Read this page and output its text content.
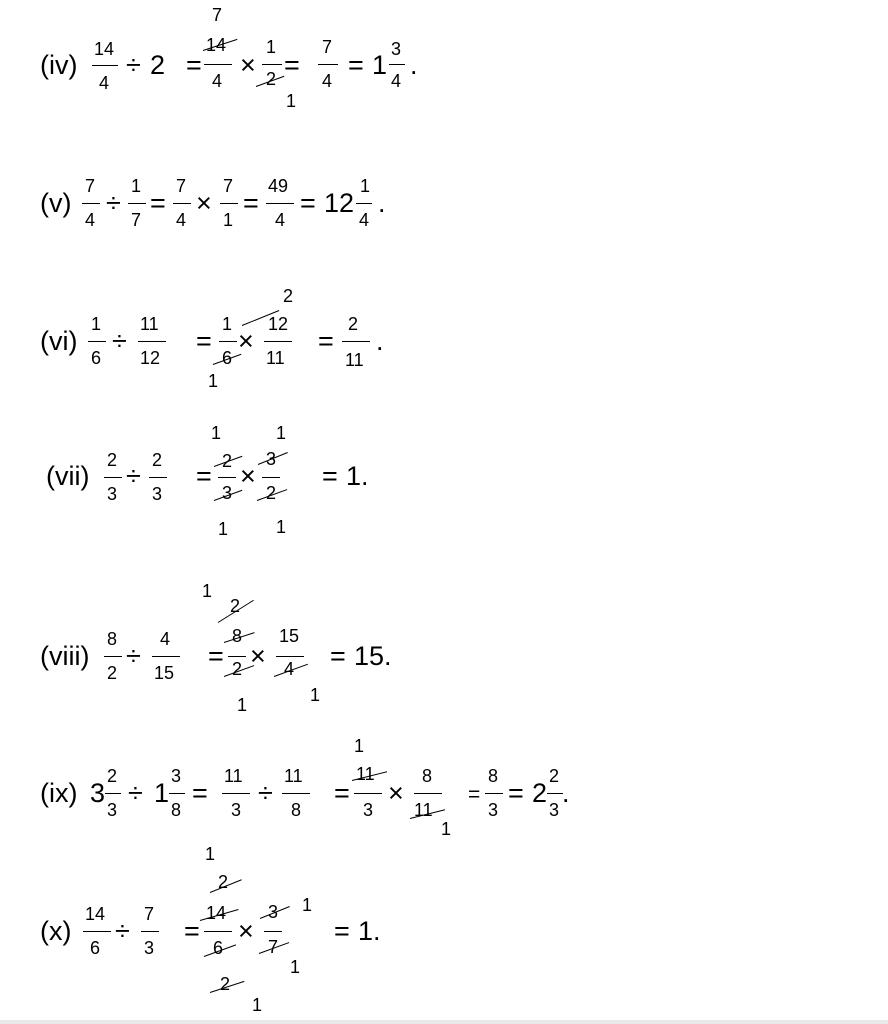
(iv)
14
4
÷ 2 =
7
14
4
×
1
2 =
1
7
4
= 1
3
4
.
(v)
7
4
÷
1
7
=
7
4
×
7
1
=
49
4
= 12
1
4
.
(vi)
1
6
÷
11
12
=
1
6
1
×
2
12
11
=
2
11
.
(vii)
2
3
÷
2
3
=
1
2
3
1
×
1
3
2
1
= 1.
(viii)
8
2
÷
4
15
1
2
=
8
2
1
×
15
4
1
= 15.
(ix) 3
2
3
÷ 1
3
8
=
11
3
÷
11
8
=
1
11
3
×
8
11
1
=
8
3
= 2
2
3
.
(x)
14
6
÷
7
3
=
1
2
14
6
2
×
3
7
1
1
1
= 1.
